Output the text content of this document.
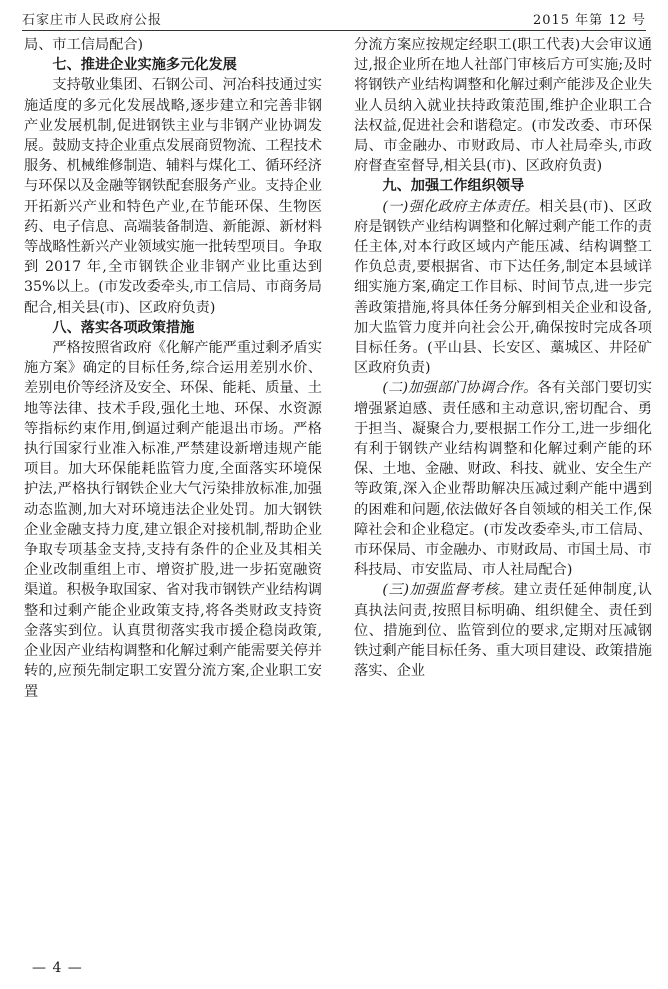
石家庄市人民政府公报	2015 年第 12 号

局、市工信局配合)

七、推进企业实施多元化发展

支持敬业集团、石钢公司、河冶科技通过实施适度的多元化发展战略,逐步建立和完善非钢产业发展机制,促进钢铁主业与非钢产业协调发展。鼓励支持企业重点发展商贸物流、工程技术服务、机械维修制造、辅料与煤化工、循环经济与环保以及金融等钢铁配套服务产业。支持企业开拓新兴产业和特色产业,在节能环保、生物医药、电子信息、高端装备制造、新能源、新材料等战略性新兴产业领域实施一批转型项目。争取到 2017 年,全市钢铁企业非钢产业比重达到 35%以上。(市发改委牵头,市工信局、市商务局配合,相关县(市)、区政府负责)

八、落实各项政策措施

严格按照省政府《化解产能严重过剩矛盾实施方案》确定的目标任务,综合运用差别水价、差别电价等经济及安全、环保、能耗、质量、土地等法律、技术手段,强化土地、环保、水资源等指标约束作用,倒逼过剩产能退出市场。严格执行国家行业准入标准,严禁建设新增违规产能项目。加大环保能耗监管力度,全面落实环境保护法,严格执行钢铁企业大气污染排放标准,加强动态监测,加大对环境违法企业处罚。加大钢铁企业金融支持力度,建立银企对接机制,帮助企业争取专项基金支持,支持有条件的企业及其相关企业改制重组上市、增资扩股,进一步拓宽融资渠道。积极争取国家、省对我市钢铁产业结构调整和过剩产能企业政策支持,将各类财政支持资金落实到位。认真贯彻落实我市援企稳岗政策,企业因产业结构调整和化解过剩产能需要关停并转的,应预先制定职工安置分流方案,企业职工安置

分流方案应按规定经职工(职工代表)大会审议通过,报企业所在地人社部门审核后方可实施;及时将钢铁产业结构调整和化解过剩产能涉及企业失业人员纳入就业扶持政策范围,维护企业职工合法权益,促进社会和谐稳定。(市发改委、市环保局、市金融办、市财政局、市人社局牵头,市政府督查室督导,相关县(市)、区政府负责)

九、加强工作组织领导

(一)强化政府主体责任。相关县(市)、区政府是钢铁产业结构调整和化解过剩产能工作的责任主体,对本行政区域内产能压减、结构调整工作负总责,要根据省、市下达任务,制定本县域详细实施方案,确定工作目标、时间节点,进一步完善政策措施,将具体任务分解到相关企业和设备,加大监管力度并向社会公开,确保按时完成各项目标任务。(平山县、长安区、藁城区、井陉矿区政府负责)

(二)加强部门协调合作。各有关部门要切实增强紧迫感、责任感和主动意识,密切配合、勇于担当、凝聚合力,要根据工作分工,进一步细化有利于钢铁产业结构调整和化解过剩产能的环保、土地、金融、财政、科技、就业、安全生产等政策,深入企业帮助解决压减过剩产能中遇到的困难和问题,依法做好各自领域的相关工作,保障社会和企业稳定。(市发改委牵头,市工信局、市环保局、市金融办、市财政局、市国土局、市科技局、市安监局、市人社局配合)

(三)加强监督考核。建立责任延伸制度,认真执法问责,按照目标明确、组织健全、责任到位、措施到位、监管到位的要求,定期对压减钢铁过剩产能目标任务、重大项目建设、政策措施落实、企业

— 4 —
